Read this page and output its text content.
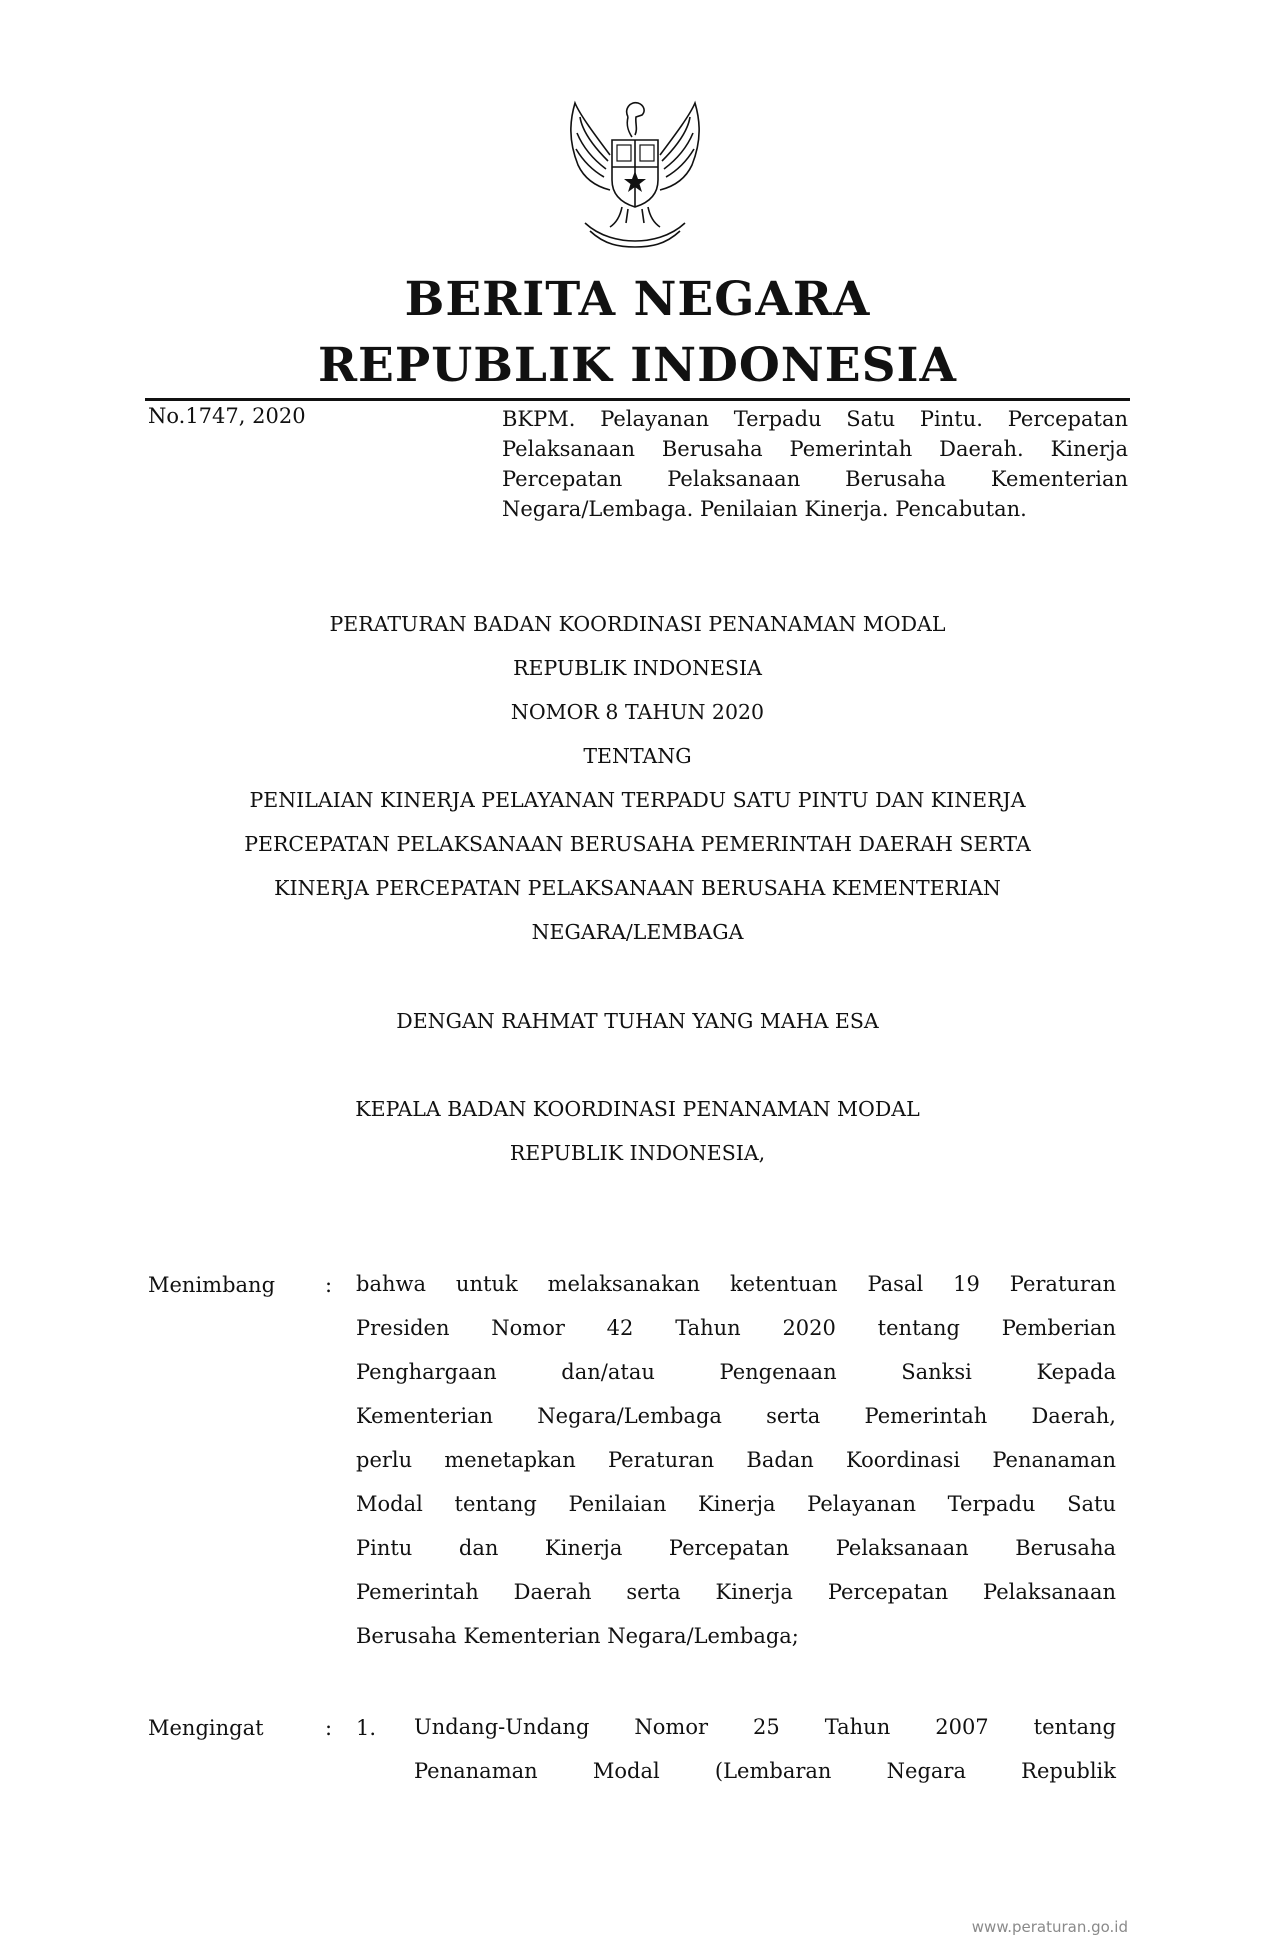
BERITA NEGARA
REPUBLIK INDONESIA
No.1747, 2020	BKPM. Pelayanan Terpadu Satu Pintu. Percepatan Pelaksanaan Berusaha Pemerintah Daerah. Kinerja Percepatan Pelaksanaan Berusaha Kementerian Negara/Lembaga. Penilaian Kinerja. Pencabutan.
PERATURAN BADAN KOORDINASI PENANAMAN MODAL
REPUBLIK INDONESIA
NOMOR 8 TAHUN 2020
TENTANG
PENILAIAN KINERJA PELAYANAN TERPADU SATU PINTU DAN KINERJA
PERCEPATAN PELAKSANAAN BERUSAHA PEMERINTAH DAERAH SERTA
KINERJA PERCEPATAN PELAKSANAAN BERUSAHA KEMENTERIAN
NEGARA/LEMBAGA
DENGAN RAHMAT TUHAN YANG MAHA ESA
KEPALA BADAN KOORDINASI PENANAMAN MODAL
REPUBLIK INDONESIA,
Menimbang : bahwa untuk melaksanakan ketentuan Pasal 19 Peraturan
Presiden Nomor 42 Tahun 2020 tentang Pemberian
Penghargaan dan/atau Pengenaan Sanksi Kepada
Kementerian Negara/Lembaga serta Pemerintah Daerah,
perlu menetapkan Peraturan Badan Koordinasi Penanaman
Modal tentang Penilaian Kinerja Pelayanan Terpadu Satu
Pintu dan Kinerja Percepatan Pelaksanaan Berusaha
Pemerintah Daerah serta Kinerja Percepatan Pelaksanaan
Berusaha Kementerian Negara/Lembaga;
Mengingat	: 1. Undang-Undang Nomor 25 Tahun 2007 tentang
Penanaman Modal (Lembaran Negara Republik
www.peraturan.go.id
